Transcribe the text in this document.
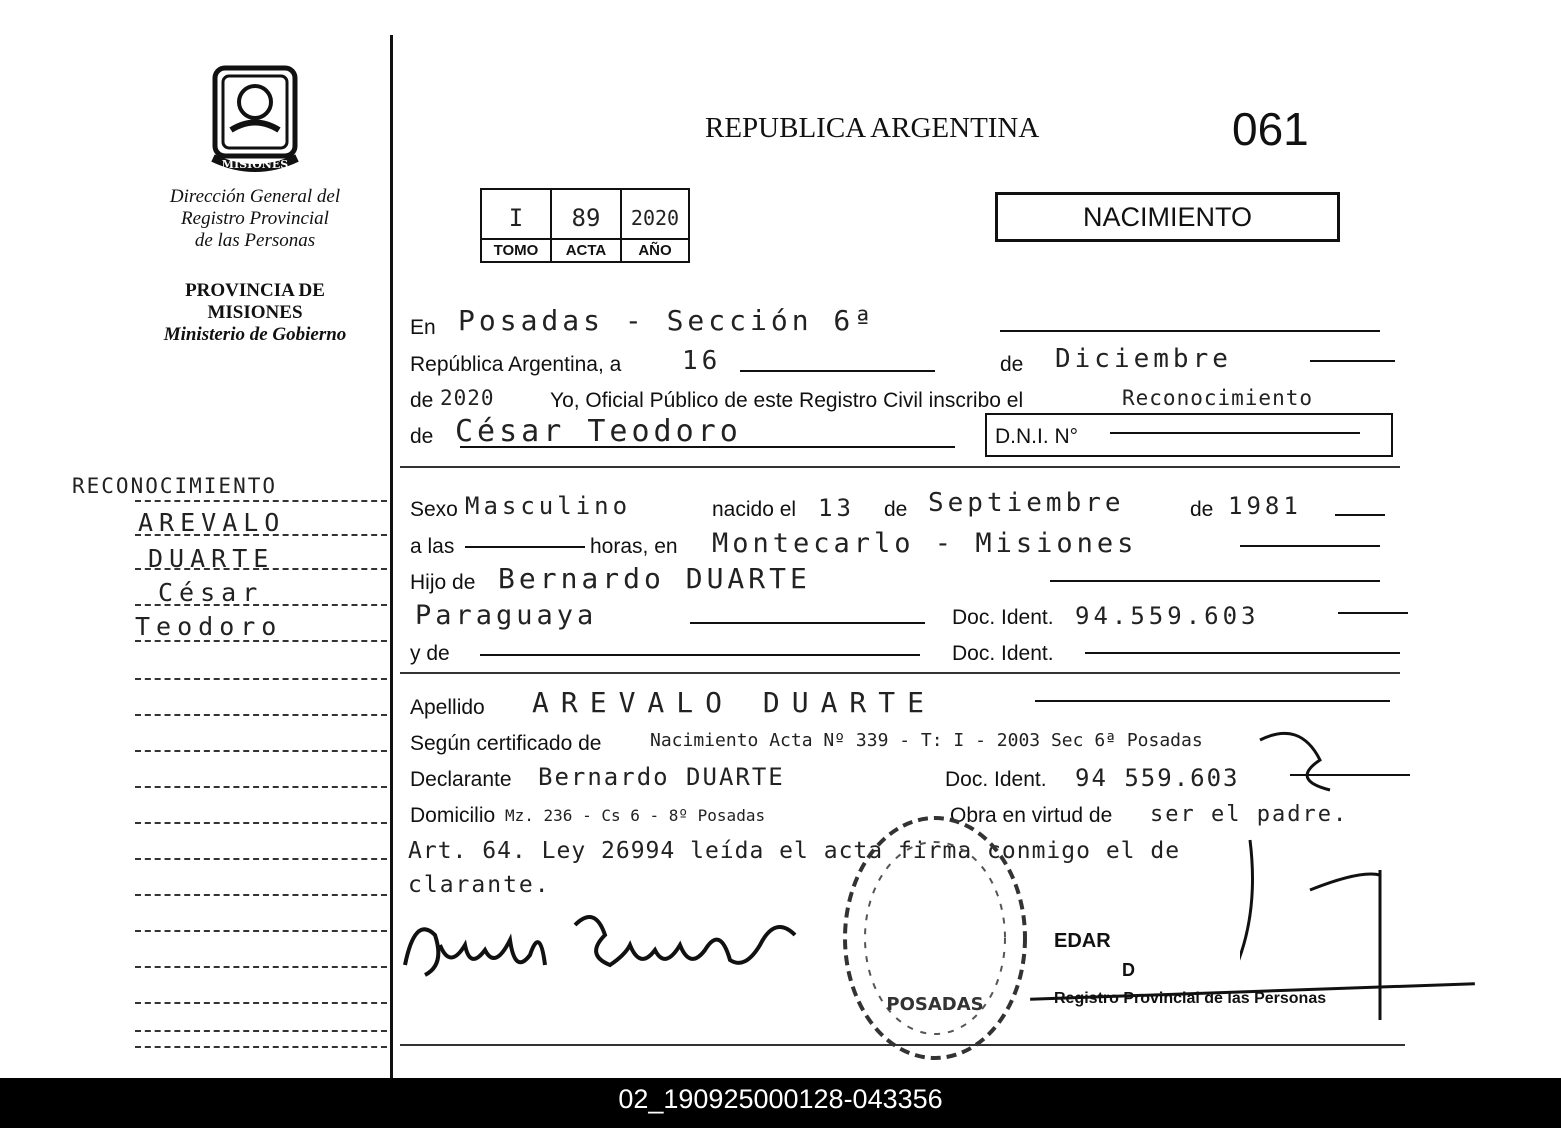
MISIONES
Dirección General del
Registro Provincial
de las Personas
PROVINCIA DE
MISIONES
Ministerio de Gobierno
REPUBLICA ARGENTINA	061
NACIMIENTO
I	89	2020
TOMO	ACTA	AÑO
RECONOCIMIENTO
AREVALO
DUARTE
César
Teodoro
En Posadas - Sección 6ª
República Argentina, a 16	de Diciembre
de 2020	Yo, Oficial Público de este Registro Civil inscribo el	Reconocimiento
de César Teodoro	D.N.I. N°
Sexo Masculino	nacido el 13 de Septiembre	de 1981
a las	horas, en Montecarlo - Misiones
Hijo de Bernardo DUARTE
Paraguaya	Doc. Ident. 94.559.603
y de	Doc. Ident.
Apellido AREVALO DUARTE
Según certificado de	Nacimiento Acta Nº 339 - T: I - 2003 Sec 6ª Posadas
Declarante Bernardo DUARTE	Doc. Ident. 94 559.603
Domicilio Mz. 236 - Cs 6 - 8º Posadas	Obra en virtud de ser el padre.
Art. 64. Ley 26994 leída el acta firma conmigo el de
clarante.
POSADAS
EDAR
D
Registro Provincial de las Personas
02_190925000128-043356
